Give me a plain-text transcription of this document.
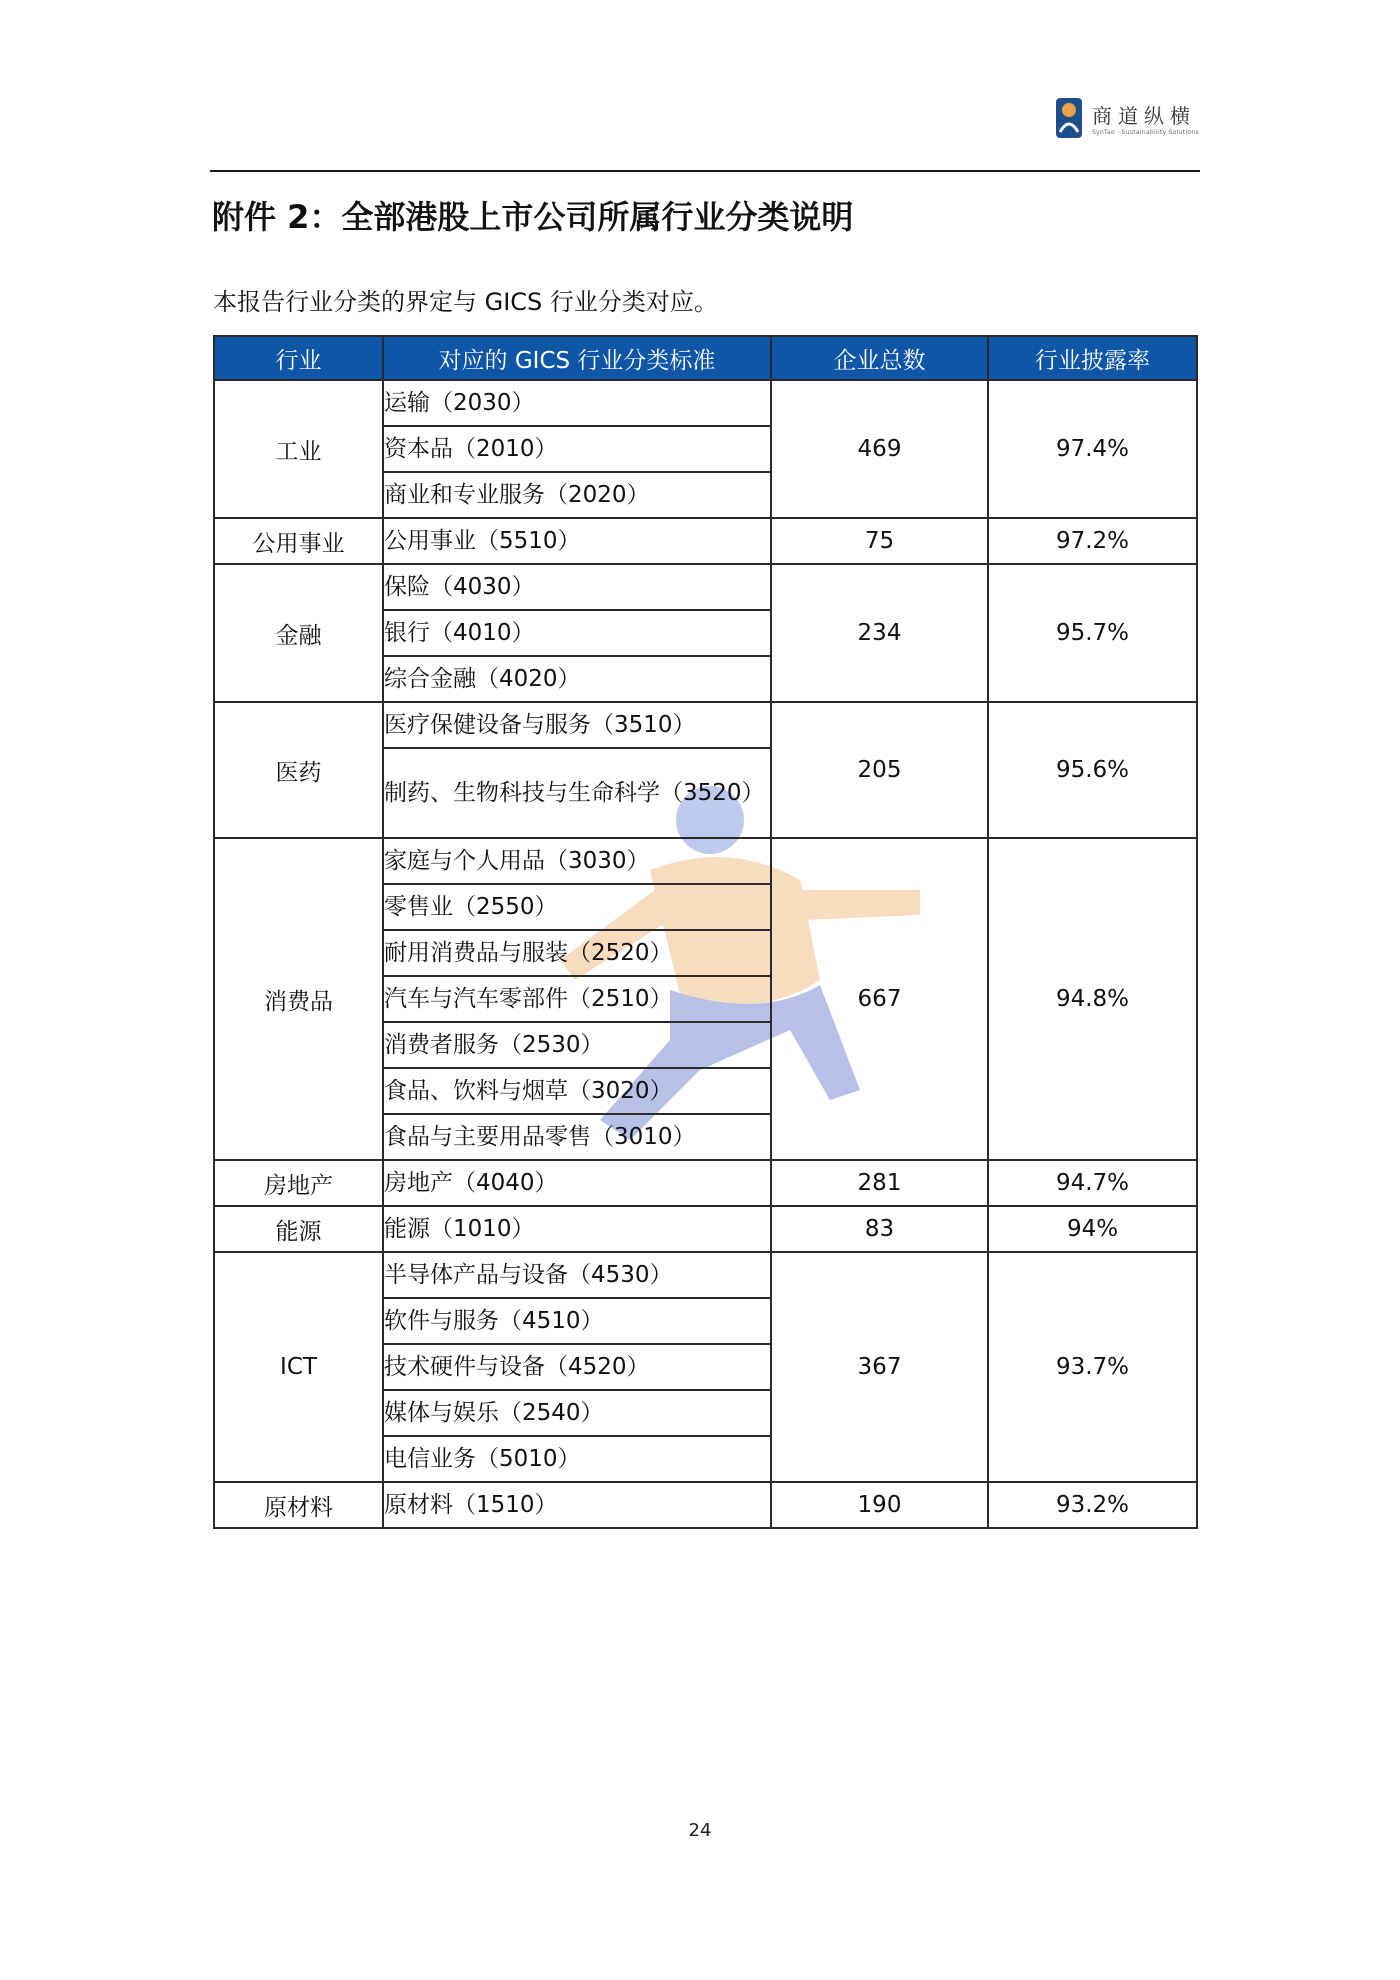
商道纵横
SynTao · Sustainability Solutions
附件 2：全部港股上市公司所属行业分类说明

本报告行业分类的界定与 GICS 行业分类对应。

行业	对应的 GICS 行业分类标准	企业总数	行业披露率
工业	运输（2030）	469	97.4%
	资本品（2010）		
	商业和专业服务（2020）		
公用事业	公用事业（5510）	75	97.2%
金融	保险（4030）	234	95.7%
	银行（4010）		
	综合金融（4020）		
医药	医疗保健设备与服务（3510）	205	95.6%
	制药、生物科技与生命科学（3520）		
消费品	家庭与个人用品（3030）	667	94.8%
	零售业（2550）		
	耐用消费品与服装（2520）		
	汽车与汽车零部件（2510）		
	消费者服务（2530）		
	食品、饮料与烟草（3020）		
	食品与主要用品零售（3010）		
房地产	房地产（4040）	281	94.7%
能源	能源（1010）	83	94%
ICT	半导体产品与设备（4530）	367	93.7%
	软件与服务（4510）		
	技术硬件与设备（4520）		
	媒体与娱乐（2540）		
	电信业务（5010）		
原材料	原材料（1510）	190	93.2%
24
